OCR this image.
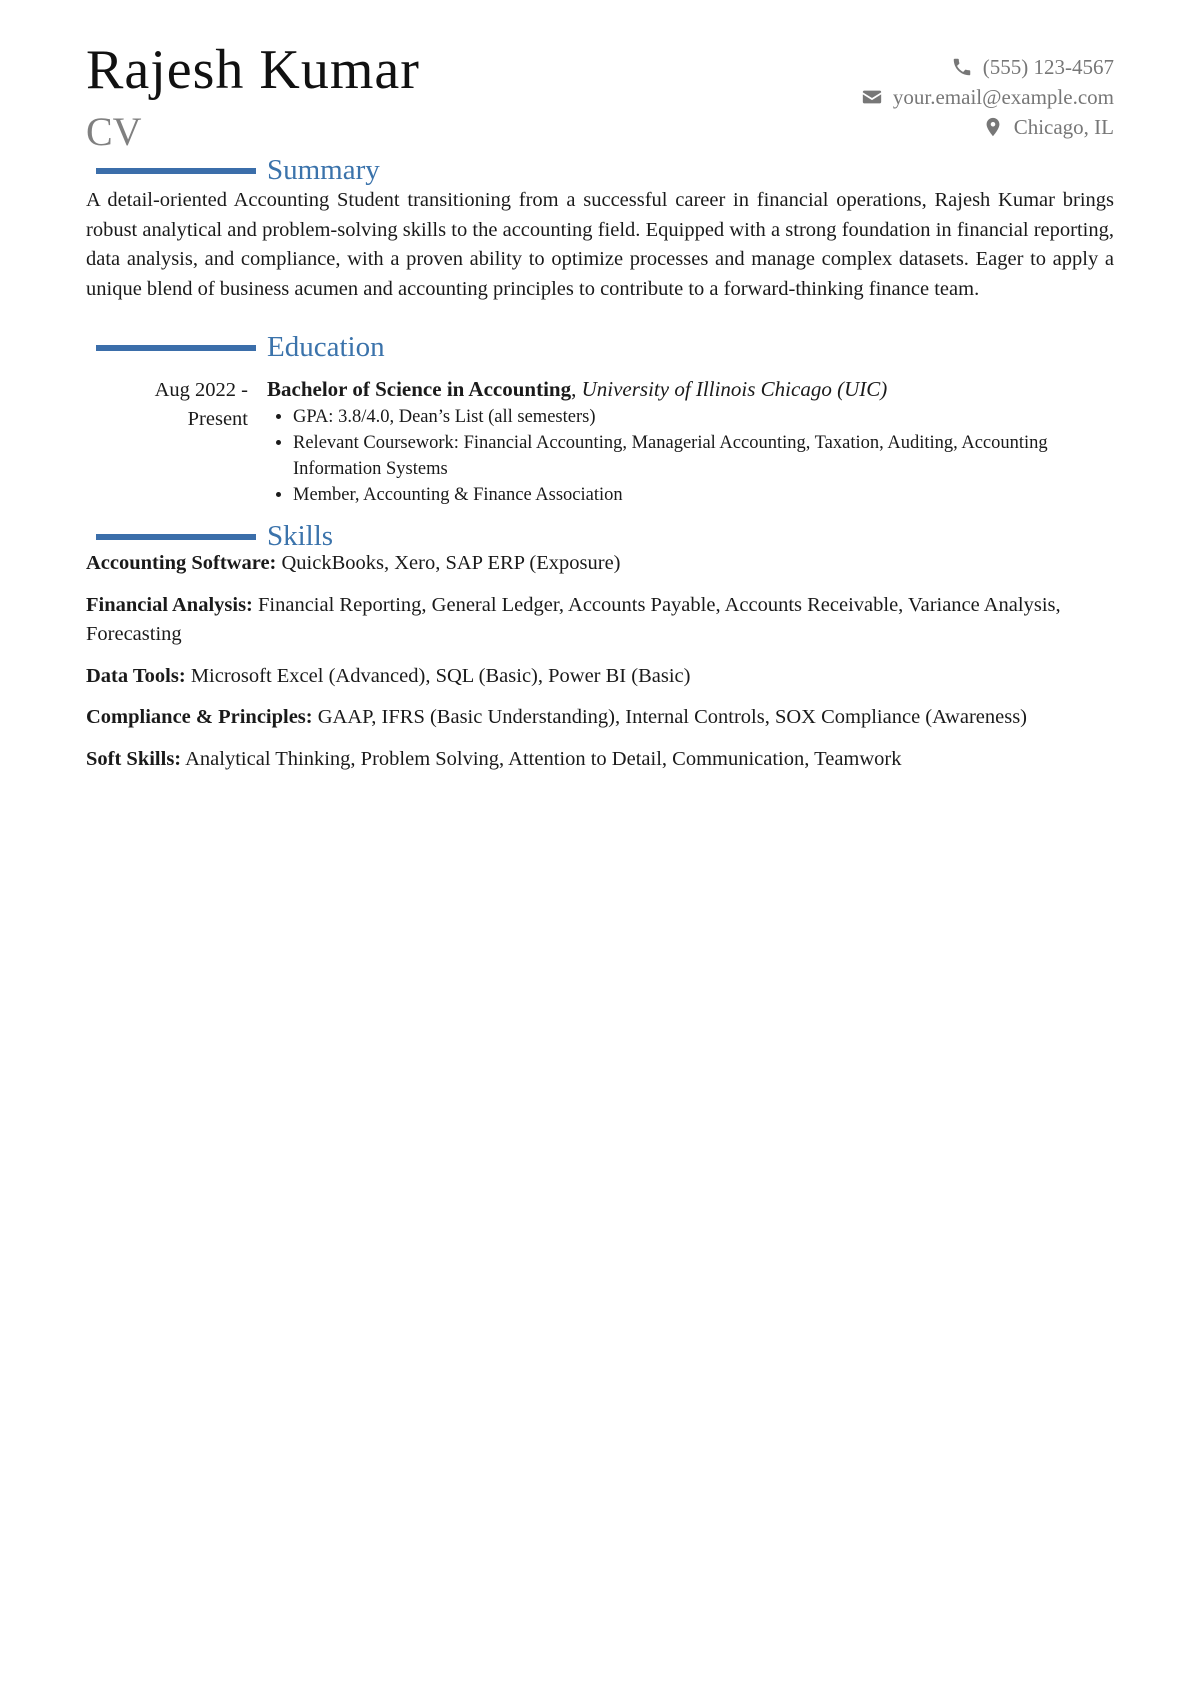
Rajesh Kumar
CV
(555) 123-4567
your.email@example.com
Chicago, IL
Summary
A detail-oriented Accounting Student transitioning from a successful career in financial operations, Rajesh Kumar brings robust analytical and problem-solving skills to the accounting field. Equipped with a strong foundation in financial reporting, data analysis, and compliance, with a proven ability to optimize processes and manage complex datasets. Eager to apply a unique blend of business acumen and accounting principles to contribute to a forward-thinking finance team.
Education
Aug 2022 -
Present
Bachelor of Science in Accounting, University of Illinois Chicago (UIC)
• GPA: 3.8/4.0, Dean’s List (all semesters)
• Relevant Coursework: Financial Accounting, Managerial Accounting, Taxation, Auditing, Accounting Information Systems
• Member, Accounting & Finance Association
Skills
Accounting Software: QuickBooks, Xero, SAP ERP (Exposure)
Financial Analysis: Financial Reporting, General Ledger, Accounts Payable, Accounts Receivable, Variance Analysis, Forecasting
Data Tools: Microsoft Excel (Advanced), SQL (Basic), Power BI (Basic)
Compliance & Principles: GAAP, IFRS (Basic Understanding), Internal Controls, SOX Compliance (Awareness)
Soft Skills: Analytical Thinking, Problem Solving, Attention to Detail, Communication, Teamwork
